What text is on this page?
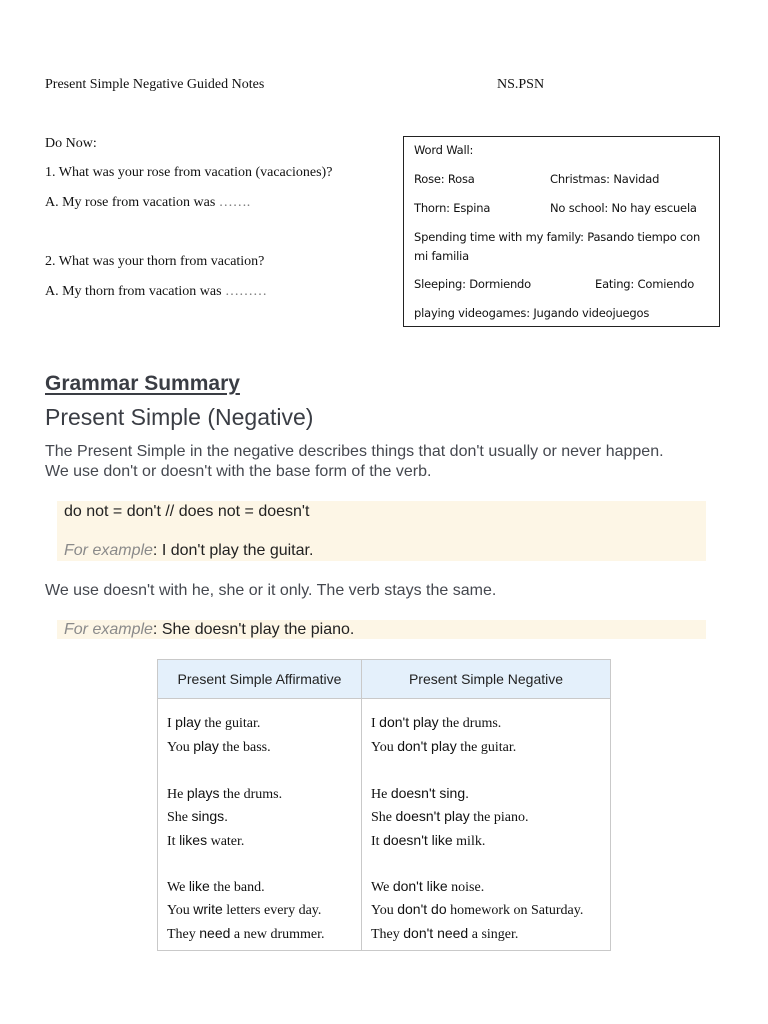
Present Simple Negative Guided Notes	NS.PSN
Do Now:
1. What was your rose from vacation (vacaciones)?
A. My rose from vacation was …….
2. What was your thorn from vacation?
A. My thorn from vacation was ………
Word Wall:
Rose: Rosa	Christmas: Navidad
Thorn: Espina	No school: No hay escuela
Spending time with my family: Pasando tiempo con
mi familia
Sleeping: Dormiendo	Eating: Comiendo
playing videogames: Jugando videojuegos
Grammar Summary
Present Simple (Negative)
The Present Simple in the negative describes things that don't usually or never happen.
We use don't or doesn't with the base form of the verb.
do not = don't // does not = doesn't
For example: I don't play the guitar.
We use doesn't with he, she or it only. The verb stays the same.
For example: She doesn't play the piano.
Present Simple Affirmative	Present Simple Negative
I play the guitar.
You play the bass.
He plays the drums.
She sings.
It likes water.
We like the band.
You write letters every day.
They need a new drummer.
I don't play the drums.
You don't play the guitar.
He doesn't sing.
She doesn't play the piano.
It doesn't like milk.
We don't like noise.
You don't do homework on Saturday.
They don't need a singer.
